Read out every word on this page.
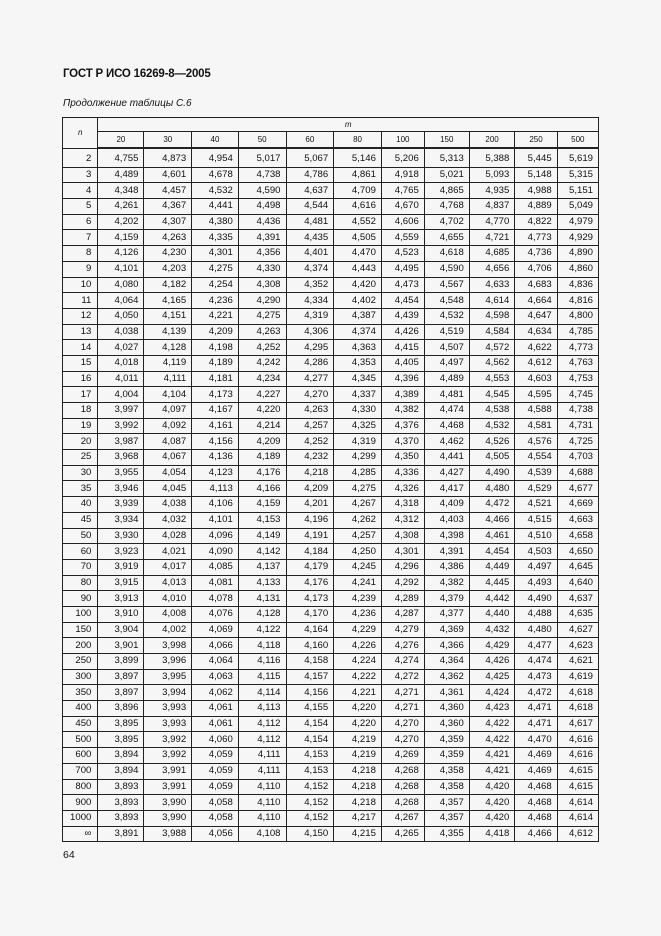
ГОСТ Р ИСО 16269-8—2005
Продолжение таблицы С.6
n	m										
	20	30	40	50	60	80	100	150	200	250	500
2	4,755	4,873	4,954	5,017	5,067	5,146	5,206	5,313	5,388	5,445	5,619
3	4,489	4,601	4,678	4,738	4,786	4,861	4,918	5,021	5,093	5,148	5,315
4	4,348	4,457	4,532	4,590	4,637	4,709	4,765	4,865	4,935	4,988	5,151
5	4,261	4,367	4,441	4,498	4,544	4,616	4,670	4,768	4,837	4,889	5,049
6	4,202	4,307	4,380	4,436	4,481	4,552	4,606	4,702	4,770	4,822	4,979
7	4,159	4,263	4,335	4,391	4,435	4,505	4,559	4,655	4,721	4,773	4,929
8	4,126	4,230	4,301	4,356	4,401	4,470	4,523	4,618	4,685	4,736	4,890
9	4,101	4,203	4,275	4,330	4,374	4,443	4,495	4,590	4,656	4,706	4,860
10	4,080	4,182	4,254	4,308	4,352	4,420	4,473	4,567	4,633	4,683	4,836
11	4,064	4,165	4,236	4,290	4,334	4,402	4,454	4,548	4,614	4,664	4,816
12	4,050	4,151	4,221	4,275	4,319	4,387	4,439	4,532	4,598	4,647	4,800
13	4,038	4,139	4,209	4,263	4,306	4,374	4,426	4,519	4,584	4,634	4,785
14	4,027	4,128	4,198	4,252	4,295	4,363	4,415	4,507	4,572	4,622	4,773
15	4,018	4,119	4,189	4,242	4,286	4,353	4,405	4,497	4,562	4,612	4,763
16	4,011	4,111	4,181	4,234	4,277	4,345	4,396	4,489	4,553	4,603	4,753
17	4,004	4,104	4,173	4,227	4,270	4,337	4,389	4,481	4,545	4,595	4,745
18	3,997	4,097	4,167	4,220	4,263	4,330	4,382	4,474	4,538	4,588	4,738
19	3,992	4,092	4,161	4,214	4,257	4,325	4,376	4,468	4,532	4,581	4,731
20	3,987	4,087	4,156	4,209	4,252	4,319	4,370	4,462	4,526	4,576	4,725
25	3,968	4,067	4,136	4,189	4,232	4,299	4,350	4,441	4,505	4,554	4,703
30	3,955	4,054	4,123	4,176	4,218	4,285	4,336	4,427	4,490	4,539	4,688
35	3,946	4,045	4,113	4,166	4,209	4,275	4,326	4,417	4,480	4,529	4,677
40	3,939	4,038	4,106	4,159	4,201	4,267	4,318	4,409	4,472	4,521	4,669
45	3,934	4,032	4,101	4,153	4,196	4,262	4,312	4,403	4,466	4,515	4,663
50	3,930	4,028	4,096	4,149	4,191	4,257	4,308	4,398	4,461	4,510	4,658
60	3,923	4,021	4,090	4,142	4,184	4,250	4,301	4,391	4,454	4,503	4,650
70	3,919	4,017	4,085	4,137	4,179	4,245	4,296	4,386	4,449	4,497	4,645
80	3,915	4,013	4,081	4,133	4,176	4,241	4,292	4,382	4,445	4,493	4,640
90	3,913	4,010	4,078	4,131	4,173	4,239	4,289	4,379	4,442	4,490	4,637
100	3,910	4,008	4,076	4,128	4,170	4,236	4,287	4,377	4,440	4,488	4,635
150	3,904	4,002	4,069	4,122	4,164	4,229	4,279	4,369	4,432	4,480	4,627
200	3,901	3,998	4,066	4,118	4,160	4,226	4,276	4,366	4,429	4,477	4,623
250	3,899	3,996	4,064	4,116	4,158	4,224	4,274	4,364	4,426	4,474	4,621
300	3,897	3,995	4,063	4,115	4,157	4,222	4,272	4,362	4,425	4,473	4,619
350	3,897	3,994	4,062	4,114	4,156	4,221	4,271	4,361	4,424	4,472	4,618
400	3,896	3,993	4,061	4,113	4,155	4,220	4,271	4,360	4,423	4,471	4,618
450	3,895	3,993	4,061	4,112	4,154	4,220	4,270	4,360	4,422	4,471	4,617
500	3,895	3,992	4,060	4,112	4,154	4,219	4,270	4,359	4,422	4,470	4,616
600	3,894	3,992	4,059	4,111	4,153	4,219	4,269	4,359	4,421	4,469	4,616
700	3,894	3,991	4,059	4,111	4,153	4,218	4,268	4,358	4,421	4,469	4,615
800	3,893	3,991	4,059	4,110	4,152	4,218	4,268	4,358	4,420	4,468	4,615
900	3,893	3,990	4,058	4,110	4,152	4,218	4,268	4,357	4,420	4,468	4,614
1000	3,893	3,990	4,058	4,110	4,152	4,217	4,267	4,357	4,420	4,468	4,614
∞	3,891	3,988	4,056	4,108	4,150	4,215	4,265	4,355	4,418	4,466	4,612
64
